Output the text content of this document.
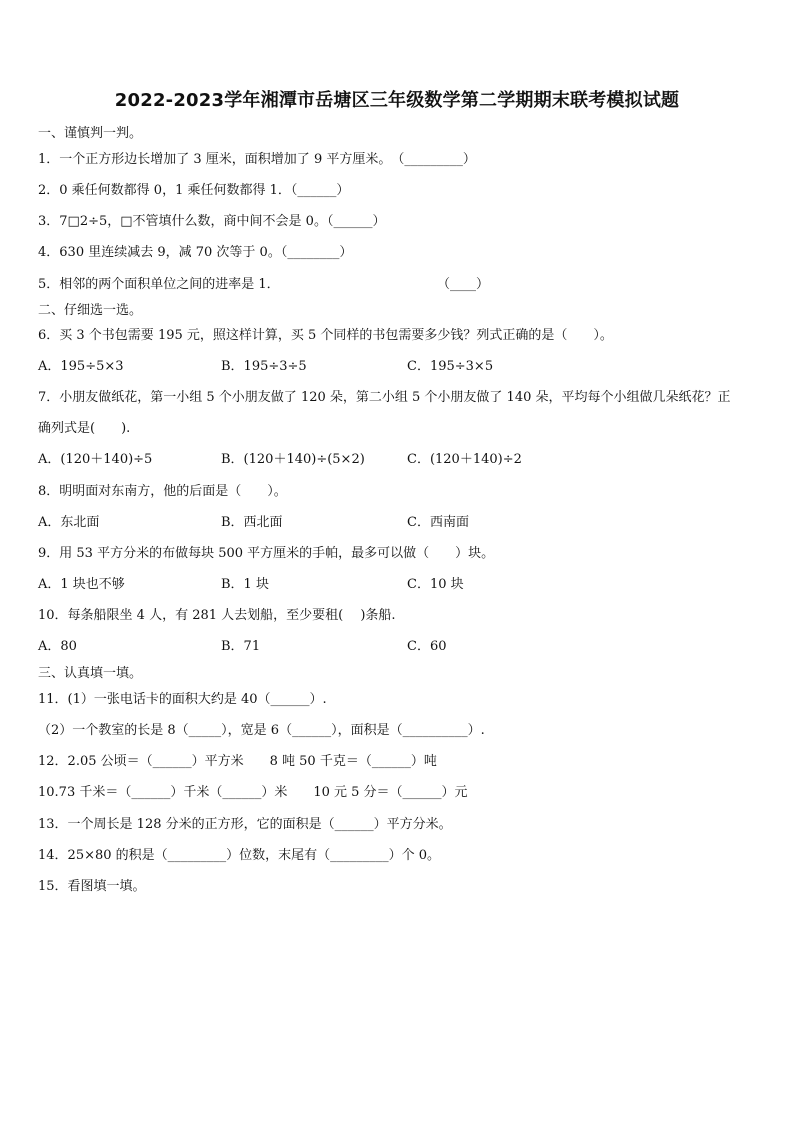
2022-2023学年湘潭市岳塘区三年级数学第二学期期末联考模拟试题
一、谨慎判一判。
1．一个正方形边长增加了 3 厘米，面积增加了 9 平方厘米。　（_________）
2．0 乘任何数都得 0，1 乘任何数都得 1．（______）
3．7□2÷5，□不管填什么数，商中间不会是 0。（______）
4．630 里连续减去 9，减 70 次等于 0。（________）
5．相邻的两个面积单位之间的进率是 1．	（____）
二、仔细选一选。
6．买 3 个书包需要 195 元，照这样计算，买 5 个同样的书包需要多少钱？列式正确的是（　　）。
A．195÷5×3	B．195÷3÷5	C．195÷3×5
7．小朋友做纸花，第一小组 5 个小朋友做了 120 朵，第二小组 5 个小朋友做了 140 朵，平均每个小组做几朵纸花？正
确列式是(　　).
A．(120＋140)÷5	B．(120＋140)÷(5×2)	C．(120＋140)÷2
8．明明面对东南方，他的后面是（　　）。
A．东北面	B．西北面	C．西南面
9．用 53 平方分米的布做每块 500 平方厘米的手帕，最多可以做（　　）块。
A．1 块也不够	B．1 块	C．10 块
10．每条船限坐 4 人，有 281 人去划船，至少要租(　 )条船.
A．80	B．71	C．60
三、认真填一填。
11．(1）一张电话卡的面积大约是 40（______）.
（2）一个教室的长是 8（_____），宽是 6（______），面积是（__________）.
12．2.05 公顷＝（______）平方米　　8 吨 50 千克＝（______）吨
10.73 千米＝（______）千米（______）米　　10 元 5 分＝（______）元
13．一个周长是 128 分米的正方形，它的面积是（______）平方分米。
14．25×80 的积是（_________）位数，末尾有（_________）个 0。
15．看图填一填。
